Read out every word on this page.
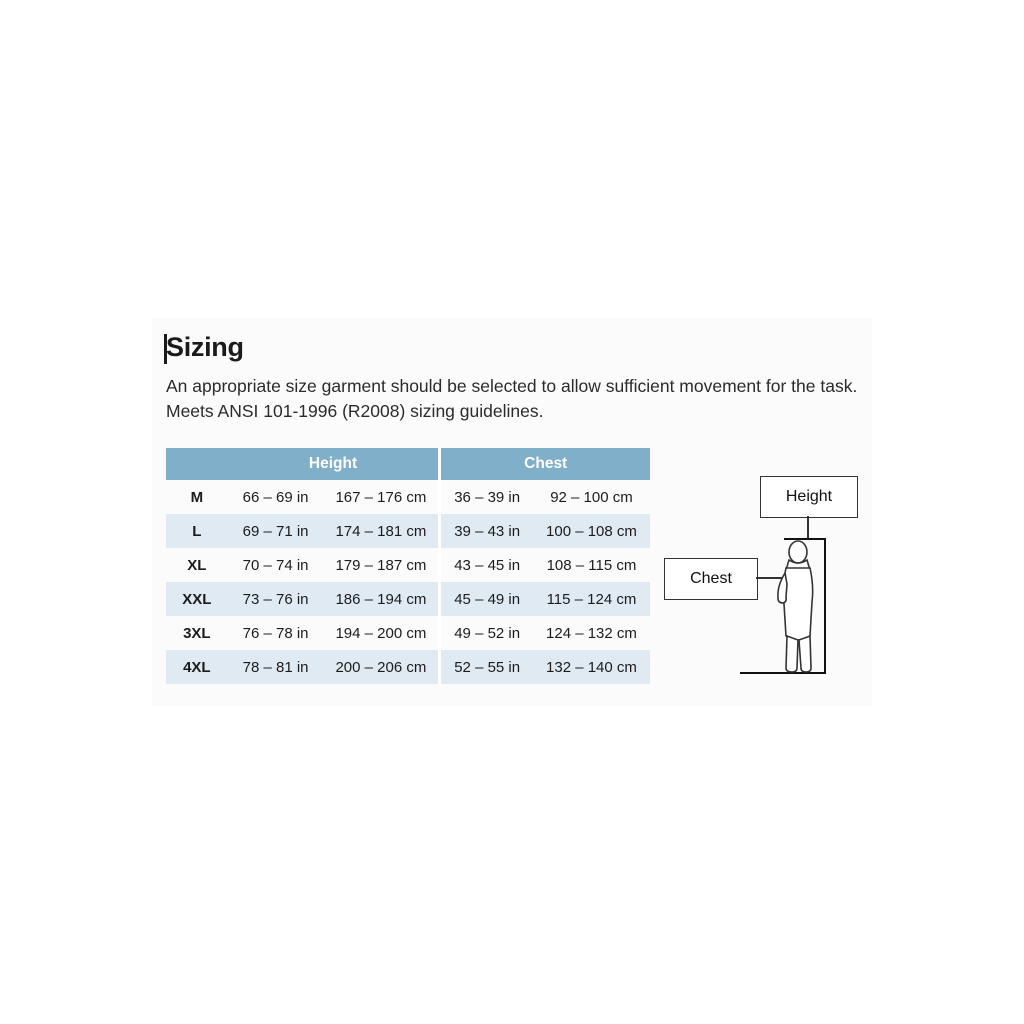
Sizing
An appropriate size garment should be selected to allow sufficient movement for the task. Meets ANSI 101-1996 (R2008) sizing guidelines.
	Height		Chest	
M	66 – 69 in	167 – 176 cm	36 – 39 in	92 – 100 cm
L	69 – 71 in	174 – 181 cm	39 – 43 in	100 – 108 cm
XL	70 – 74 in	179 – 187 cm	43 – 45 in	108 – 115 cm
XXL	73 – 76 in	186 – 194 cm	45 – 49 in	115 – 124 cm
3XL	76 – 78 in	194 – 200 cm	49 – 52 in	124 – 132 cm
4XL	78 – 81 in	200 – 206 cm	52 – 55 in	132 – 140 cm
Height
Chest
